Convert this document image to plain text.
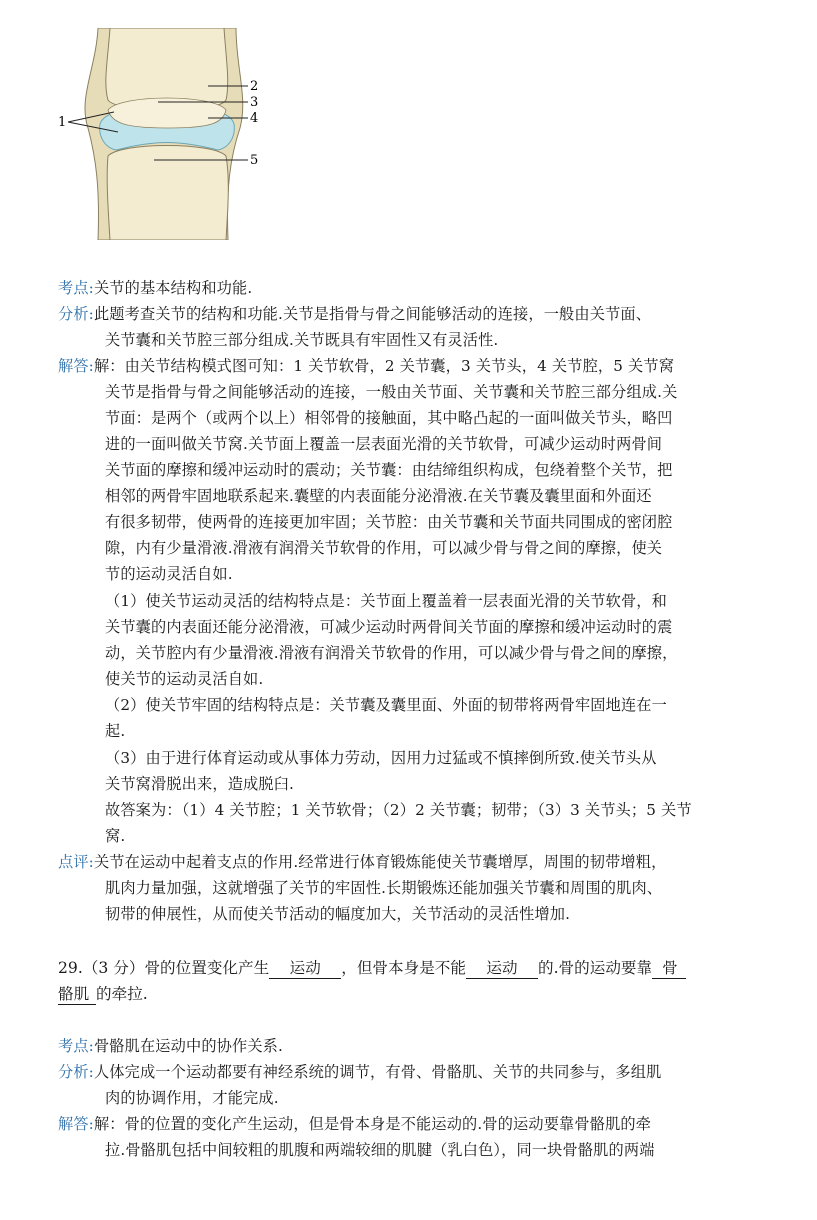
1
2
3
4
5
考点:关节的基本结构和功能.
分析:此题考查关节的结构和功能.关节是指骨与骨之间能够活动的连接，一般由关节面、
关节囊和关节腔三部分组成.关节既具有牢固性又有灵活性.
解答:解：由关节结构模式图可知：1 关节软骨，2 关节囊，3 关节头，4 关节腔，5 关节窝
关节是指骨与骨之间能够活动的连接，一般由关节面、关节囊和关节腔三部分组成.关
节面：是两个（或两个以上）相邻骨的接触面，其中略凸起的一面叫做关节头，略凹
进的一面叫做关节窝.关节面上覆盖一层表面光滑的关节软骨，可减少运动时两骨间
关节面的摩擦和缓冲运动时的震动；关节囊：由结缔组织构成，包绕着整个关节，把
相邻的两骨牢固地联系起来.囊壁的内表面能分泌滑液.在关节囊及囊里面和外面还
有很多韧带，使两骨的连接更加牢固；关节腔：由关节囊和关节面共同围成的密闭腔
隙，内有少量滑液.滑液有润滑关节软骨的作用，可以减少骨与骨之间的摩擦，使关
节的运动灵活自如.
（1）使关节运动灵活的结构特点是：关节面上覆盖着一层表面光滑的关节软骨，和
关节囊的内表面还能分泌滑液，可减少运动时两骨间关节面的摩擦和缓冲运动时的震
动，关节腔内有少量滑液.滑液有润滑关节软骨的作用，可以减少骨与骨之间的摩擦，
使关节的运动灵活自如.
（2）使关节牢固的结构特点是：关节囊及囊里面、外面的韧带将两骨牢固地连在一
起.
（3）由于进行体育运动或从事体力劳动，因用力过猛或不慎摔倒所致.使关节头从
关节窝滑脱出来，造成脱臼.
故答案为：（1）4 关节腔；1 关节软骨；（2）2 关节囊；韧带；（3）3 关节头；5 关节
窝.
点评:关节在运动中起着支点的作用.经常进行体育锻炼能使关节囊增厚，周围的韧带增粗，
肌肉力量加强，这就增强了关节的牢固性.长期锻炼还能加强关节囊和周围的肌肉、
韧带的伸展性，从而使关节活动的幅度加大，关节活动的灵活性增加.
29.（3 分）骨的位置变化产生 运动 ，但骨本身是不能 运动 的.骨的运动要靠 骨
骼肌 的牵拉.
考点:骨骼肌在运动中的协作关系.
分析:人体完成一个运动都要有神经系统的调节，有骨、骨骼肌、关节的共同参与，多组肌
肉的协调作用，才能完成.
解答:解：骨的位置的变化产生运动，但是骨本身是不能运动的.骨的运动要靠骨骼肌的牵
拉.骨骼肌包括中间较粗的肌腹和两端较细的肌腱（乳白色），同一块骨骼肌的两端
